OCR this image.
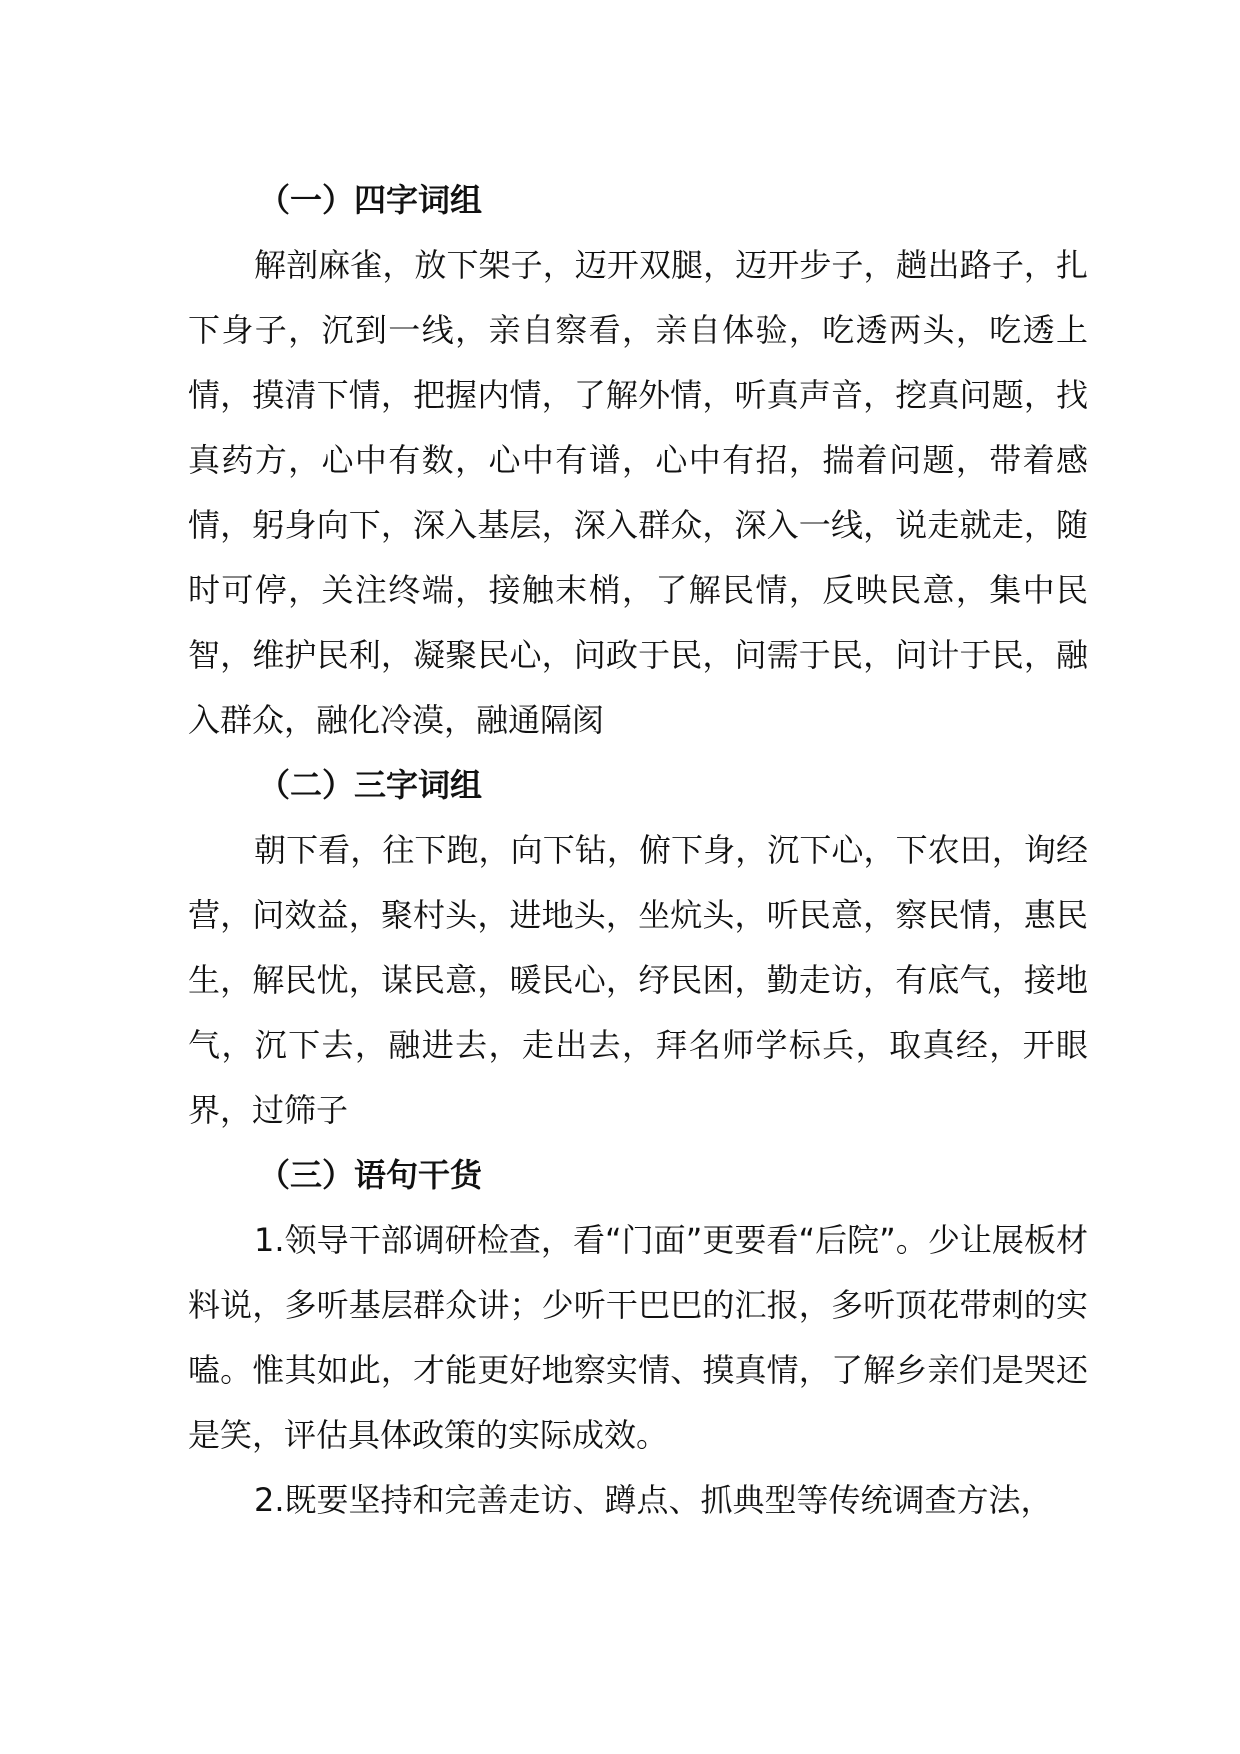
（一）四字词组

解剖麻雀，放下架子，迈开双腿，迈开步子，趟出路子，扎下身子，沉到一线，亲自察看，亲自体验，吃透两头，吃透上情，摸清下情，把握内情，了解外情，听真声音，挖真问题，找真药方，心中有数，心中有谱，心中有招，揣着问题，带着感情，躬身向下，深入基层，深入群众，深入一线，说走就走，随时可停，关注终端，接触末梢，了解民情，反映民意，集中民智，维护民利，凝聚民心，问政于民，问需于民，问计于民，融入群众，融化冷漠，融通隔阂

（二）三字词组

朝下看，往下跑，向下钻，俯下身，沉下心，下农田，询经营，问效益，聚村头，进地头，坐炕头，听民意，察民情，惠民生，解民忧，谋民意，暖民心，纾民困，勤走访，有底气，接地气，沉下去，融进去，走出去，拜名师学标兵，取真经，开眼界，过筛子

（三）语句干货

1.领导干部调研检查，看“门面”更要看“后院”。少让展板材料说，多听基层群众讲；少听干巴巴的汇报，多听顶花带刺的实嗑。惟其如此，才能更好地察实情、摸真情，了解乡亲们是哭还是笑，评估具体政策的实际成效。

2.既要坚持和完善走访、蹲点、抓典型等传统调查方法，
